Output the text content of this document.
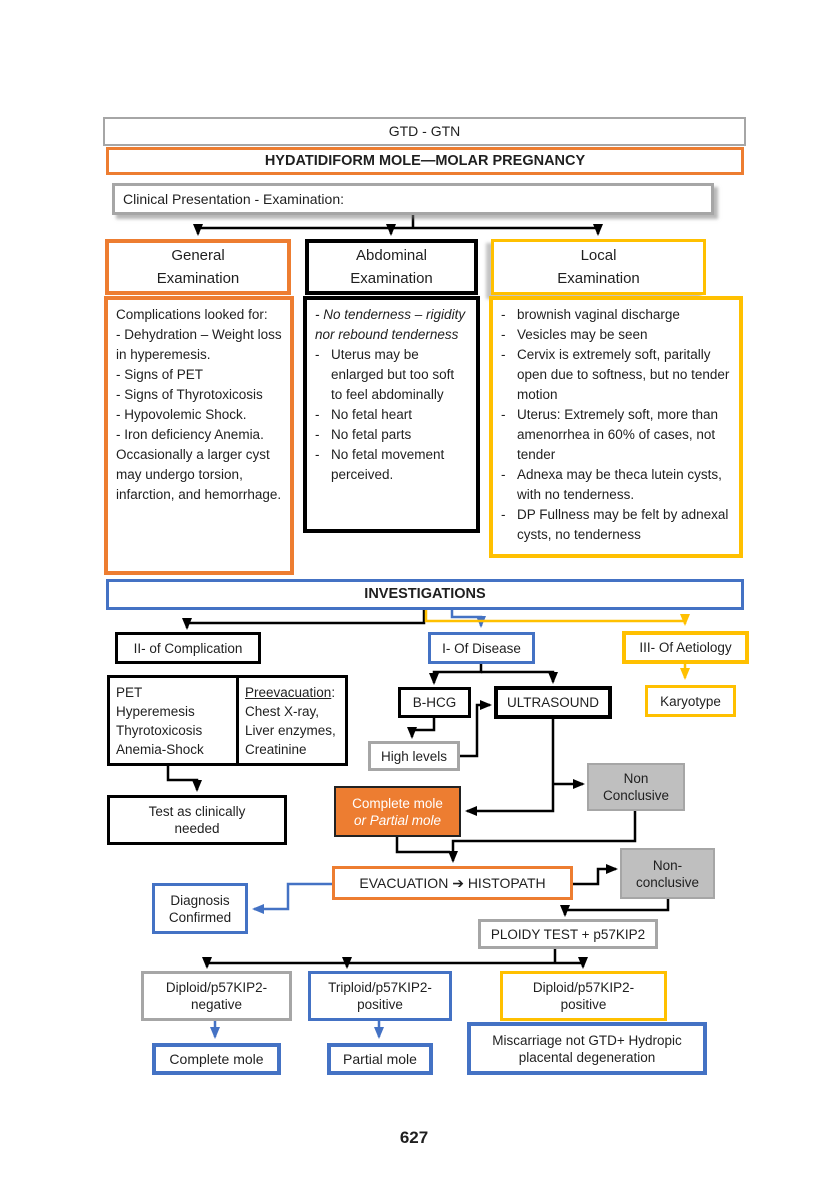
GTD - GTN
HYDATIDIFORM MOLE—MOLAR PREGNANCY
Clinical Presentation - Examination:
General
Examination
Abdominal
Examination
Local
Examination
Complications looked for:
- Dehydration – Weight loss in hyperemesis.
- Signs of PET
- Signs of Thyrotoxicosis
- Hypovolemic Shock.
- Iron deficiency Anemia.
Occasionally a larger cyst may undergo torsion, infarction, and hemorrhage.
- No tenderness – rigidity nor rebound tenderness
-
Uterus may be enlarged but too soft to feel abdominally
-
No fetal heart
-
No fetal parts
-
No fetal movement perceived.
-
brownish vaginal discharge
-
Vesicles may be seen
-
Cervix is extremely soft, paritally open due to softness, but no tender motion
-
Uterus: Extremely soft, more than amenorrhea in 60% of cases, not tender
-
Adnexa may be theca lutein cysts, with no tenderness.
-
DP Fullness may be felt by adnexal cysts, no tenderness
INVESTIGATIONS
II- of Complication	I- Of Disease	III- Of Aetiology
PET
Hyperemesis
Thyrotoxicosis
Anemia-Shock
Preevacuation:
Chest X-ray,
Liver enzymes,
Creatinine
Test as clinically
needed
B-HCG	ULTRASOUND	Karyotype
High levels
Non
Conclusive
Complete mole
or Partial mole
EVACUATION ➔ HISTOPATH
Non-
conclusive
Diagnosis
Confirmed
PLOIDY TEST + p57KIP2
Diploid/p57KIP2-
negative
Triploid/p57KIP2-
positive
Diploid/p57KIP2-
positive
Complete mole	Partial mole
Miscarriage not GTD+ Hydropic
placental degeneration
627
